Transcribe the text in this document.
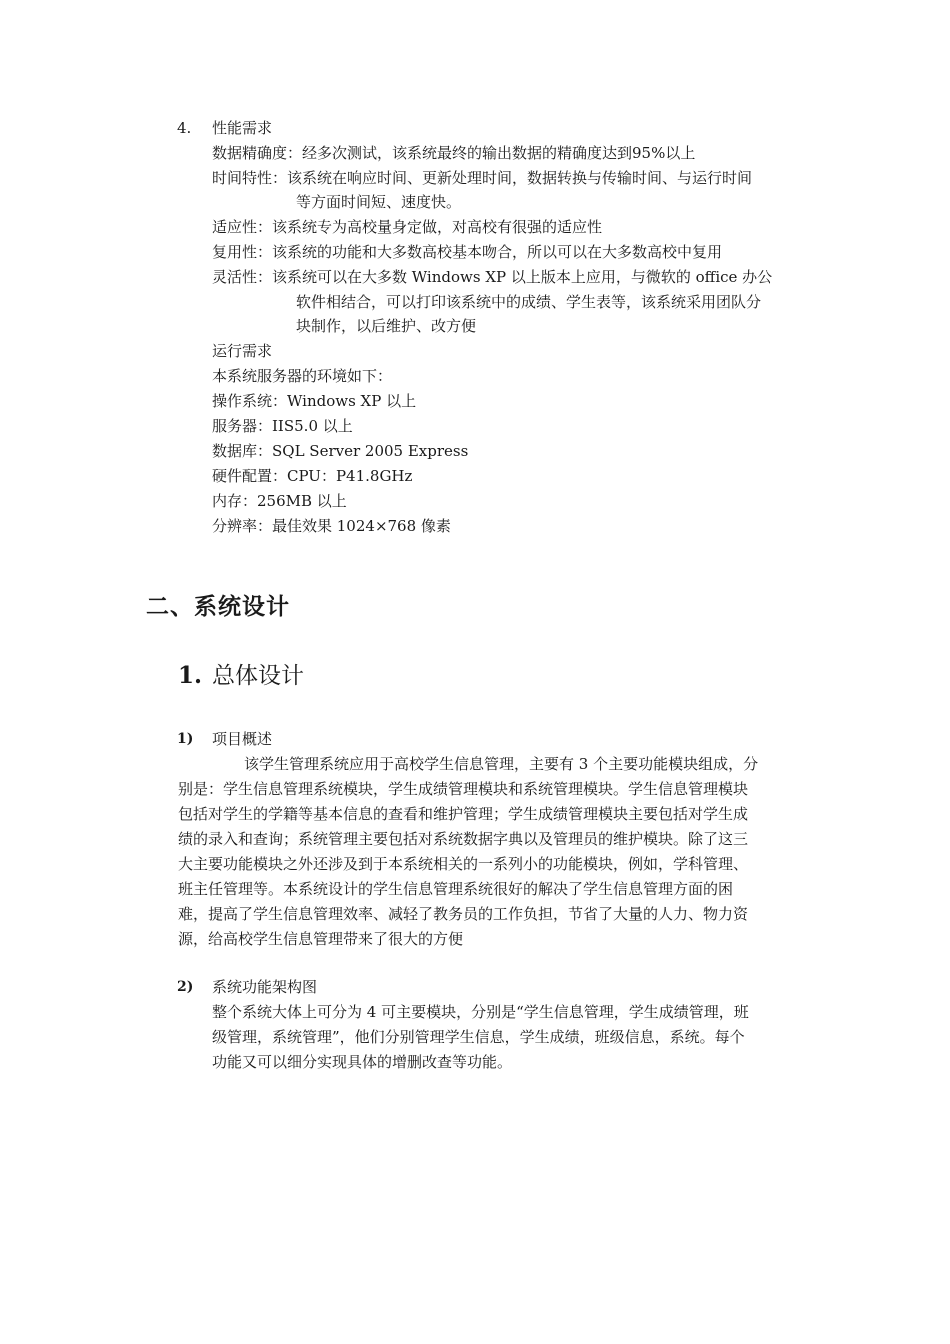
4. 性能需求
数据精确度：经多次测试，该系统最终的输出数据的精确度达到95%以上
时间特性：该系统在响应时间、更新处理时间，数据转换与传输时间、与运行时间
等方面时间短、速度快。
适应性：该系统专为高校量身定做，对高校有很强的适应性
复用性：该系统的功能和大多数高校基本吻合，所以可以在大多数高校中复用
灵活性：该系统可以在大多数 Windows XP 以上版本上应用，与微软的 office 办公
软件相结合，可以打印该系统中的成绩、学生表等，该系统采用团队分
块制作，以后维护、改方便
运行需求
本系统服务器的环境如下：
操作系统：Windows XP 以上
服务器：IIS5.0 以上
数据库：SQL Server 2005 Express
硬件配置：CPU：P41.8GHz
内存：256MB 以上
分辨率：最佳效果 1024×768 像素
二、系统设计
1. 总体设计
1) 项目概述
该学生管理系统应用于高校学生信息管理，主要有 3 个主要功能模块组成，分
别是：学生信息管理系统模块，学生成绩管理模块和系统管理模块。学生信息管理模块
包括对学生的学籍等基本信息的查看和维护管理；学生成绩管理模块主要包括对学生成
绩的录入和查询；系统管理主要包括对系统数据字典以及管理员的维护模块。除了这三
大主要功能模块之外还涉及到于本系统相关的一系列小的功能模块，例如，学科管理、
班主任管理等。本系统设计的学生信息管理系统很好的解决了学生信息管理方面的困
难，提高了学生信息管理效率、减轻了教务员的工作负担，节省了大量的人力、物力资
源，给高校学生信息管理带来了很大的方便
2) 系统功能架构图
整个系统大体上可分为 4 可主要模块，分别是“学生信息管理，学生成绩管理，班
级管理，系统管理”，他们分别管理学生信息，学生成绩，班级信息，系统。每个
功能又可以细分实现具体的增删改查等功能。
